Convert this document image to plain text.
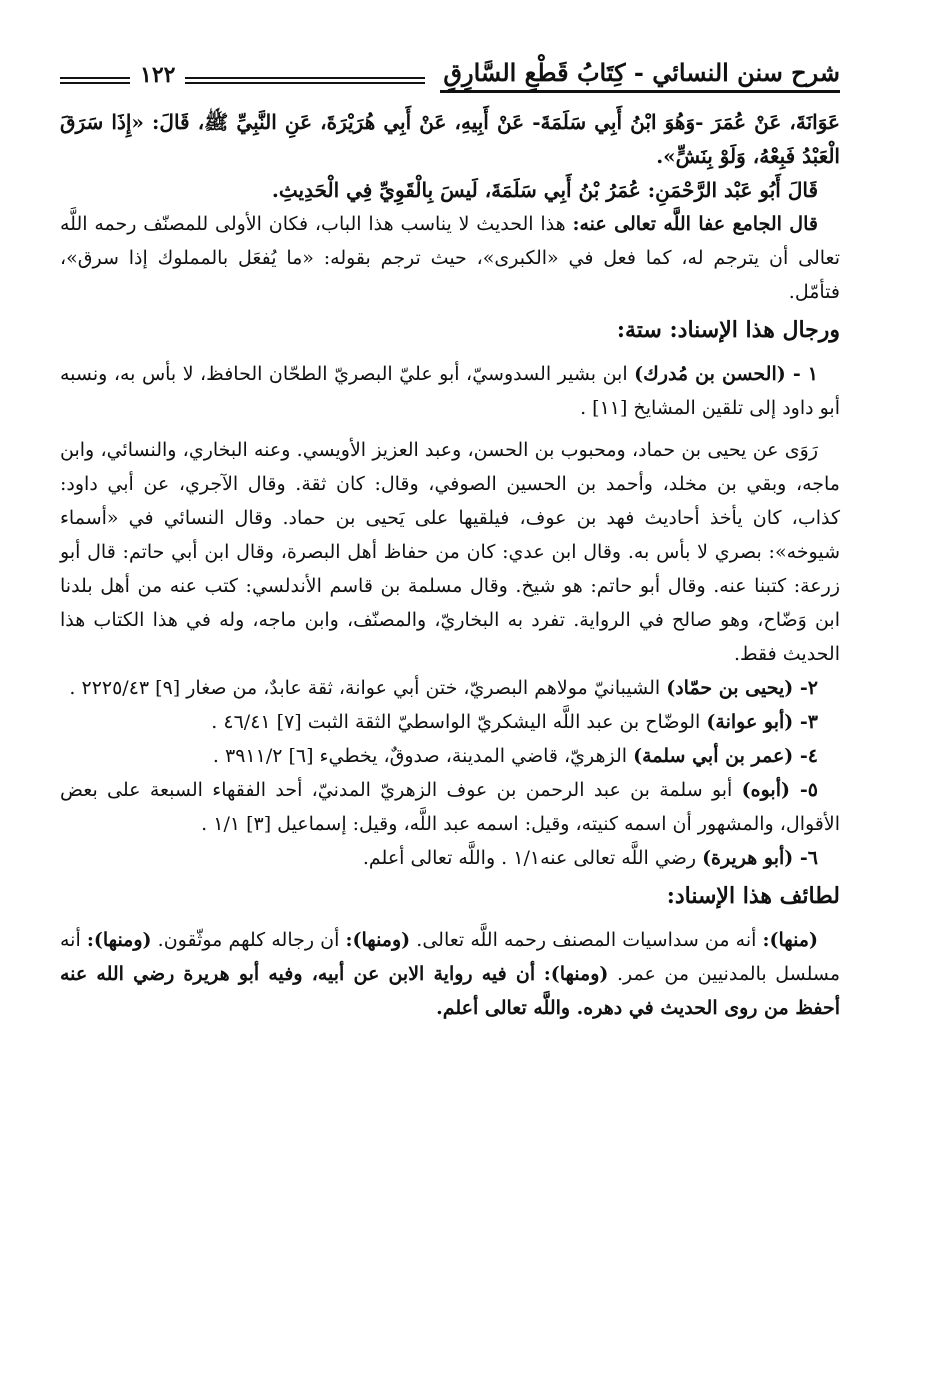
شرح سنن النسائي - كِتَابُ قَطْعِ السَّارِقِ
١٢٢

عَوَانَةَ، عَنْ عُمَرَ -وَهُوَ ابْنُ أَبِي سَلَمَةَ- عَنْ أَبِيهِ، عَنْ أَبِي هُرَيْرَةَ، عَنِ النَّبِيِّ ﷺ، قَالَ: «إِذَا سَرَقَ الْعَبْدُ فَبِعْهُ، وَلَوْ بِنَشٍّ».

قَالَ أَبُو عَبْد الرَّحْمَنِ: عُمَرُ بْنُ أَبِي سَلَمَةَ، لَيسَ بِالْقَوِيِّ فِي الْحَدِيثِ.

قال الجامع عفا اللَّه تعالى عنه: هذا الحديث لا يناسب هذا الباب، فكان الأولى للمصنّف رحمه اللَّه تعالى أن يترجم له، كما فعل في «الكبرى»، حيث ترجم بقوله: «ما يُفعَل بالمملوك إذا سرق»، فتأمّل.

ورجال هذا الإسناد: ستة:

١ - (الحسن بن مُدرك) ابن بشير السدوسيّ، أبو عليّ البصريّ الطحّان الحافظ، لا بأس به، ونسبه أبو داود إلى تلقين المشايخ [١١] .

رَوَى عن يحيى بن حماد، ومحبوب بن الحسن، وعبد العزيز الأويسي. وعنه البخاري، والنسائي، وابن ماجه، وبقي بن مخلد، وأحمد بن الحسين الصوفي، وقال: كان ثقة. وقال الآجري، عن أبي داود: كذاب، كان يأخذ أحاديث فهد بن عوف، فيلقيها على يَحيى بن حماد. وقال النسائي في «أسماء شيوخه»: بصري لا بأس به. وقال ابن عدي: كان من حفاظ أهل البصرة، وقال ابن أبي حاتم: قال أبو زرعة: كتبنا عنه. وقال أبو حاتم: هو شيخ. وقال مسلمة بن قاسم الأندلسي: كتب عنه من أهل بلدنا ابن وَضّاح، وهو صالح في الرواية. تفرد به البخاريّ، والمصنّف، وابن ماجه، وله في هذا الكتاب هذا الحديث فقط.

٢- (يحيى بن حمّاد) الشيبانيّ مولاهم البصريّ، ختن أبي عوانة، ثقة عابدٌ، من صغار [٩] ٢٢٢٥/٤٣ .

٣- (أبو عوانة) الوضّاح بن عبد اللَّه اليشكريّ الواسطيّ الثقة الثبت [٧] ٤٦/٤١ .

٤- (عمر بن أبي سلمة) الزهريّ، قاضي المدينة، صدوقٌ، يخطيء [٦] ٣٩١١/٢ .

٥- (أبوه) أبو سلمة بن عبد الرحمن بن عوف الزهريّ المدنيّ، أحد الفقهاء السبعة على بعض الأقوال، والمشهور أن اسمه كنيته، وقيل: اسمه عبد اللَّه، وقيل: إسماعيل [٣] ١/١ .

٦- (أبو هريرة) رضي اللَّه تعالى عنه١/١ . واللَّه تعالى أعلم.

لطائف هذا الإسناد:

(منها): أنه من سداسيات المصنف رحمه اللَّه تعالى. (ومنها): أن رجاله كلهم موثّقون. (ومنها): أنه مسلسل بالمدنيين من عمر. (ومنها): أن فيه رواية الابن عن أبيه، وفيه أبو هريرة رضي الله عنه أحفظ من روى الحديث في دهره. واللَّه تعالى أعلم.
